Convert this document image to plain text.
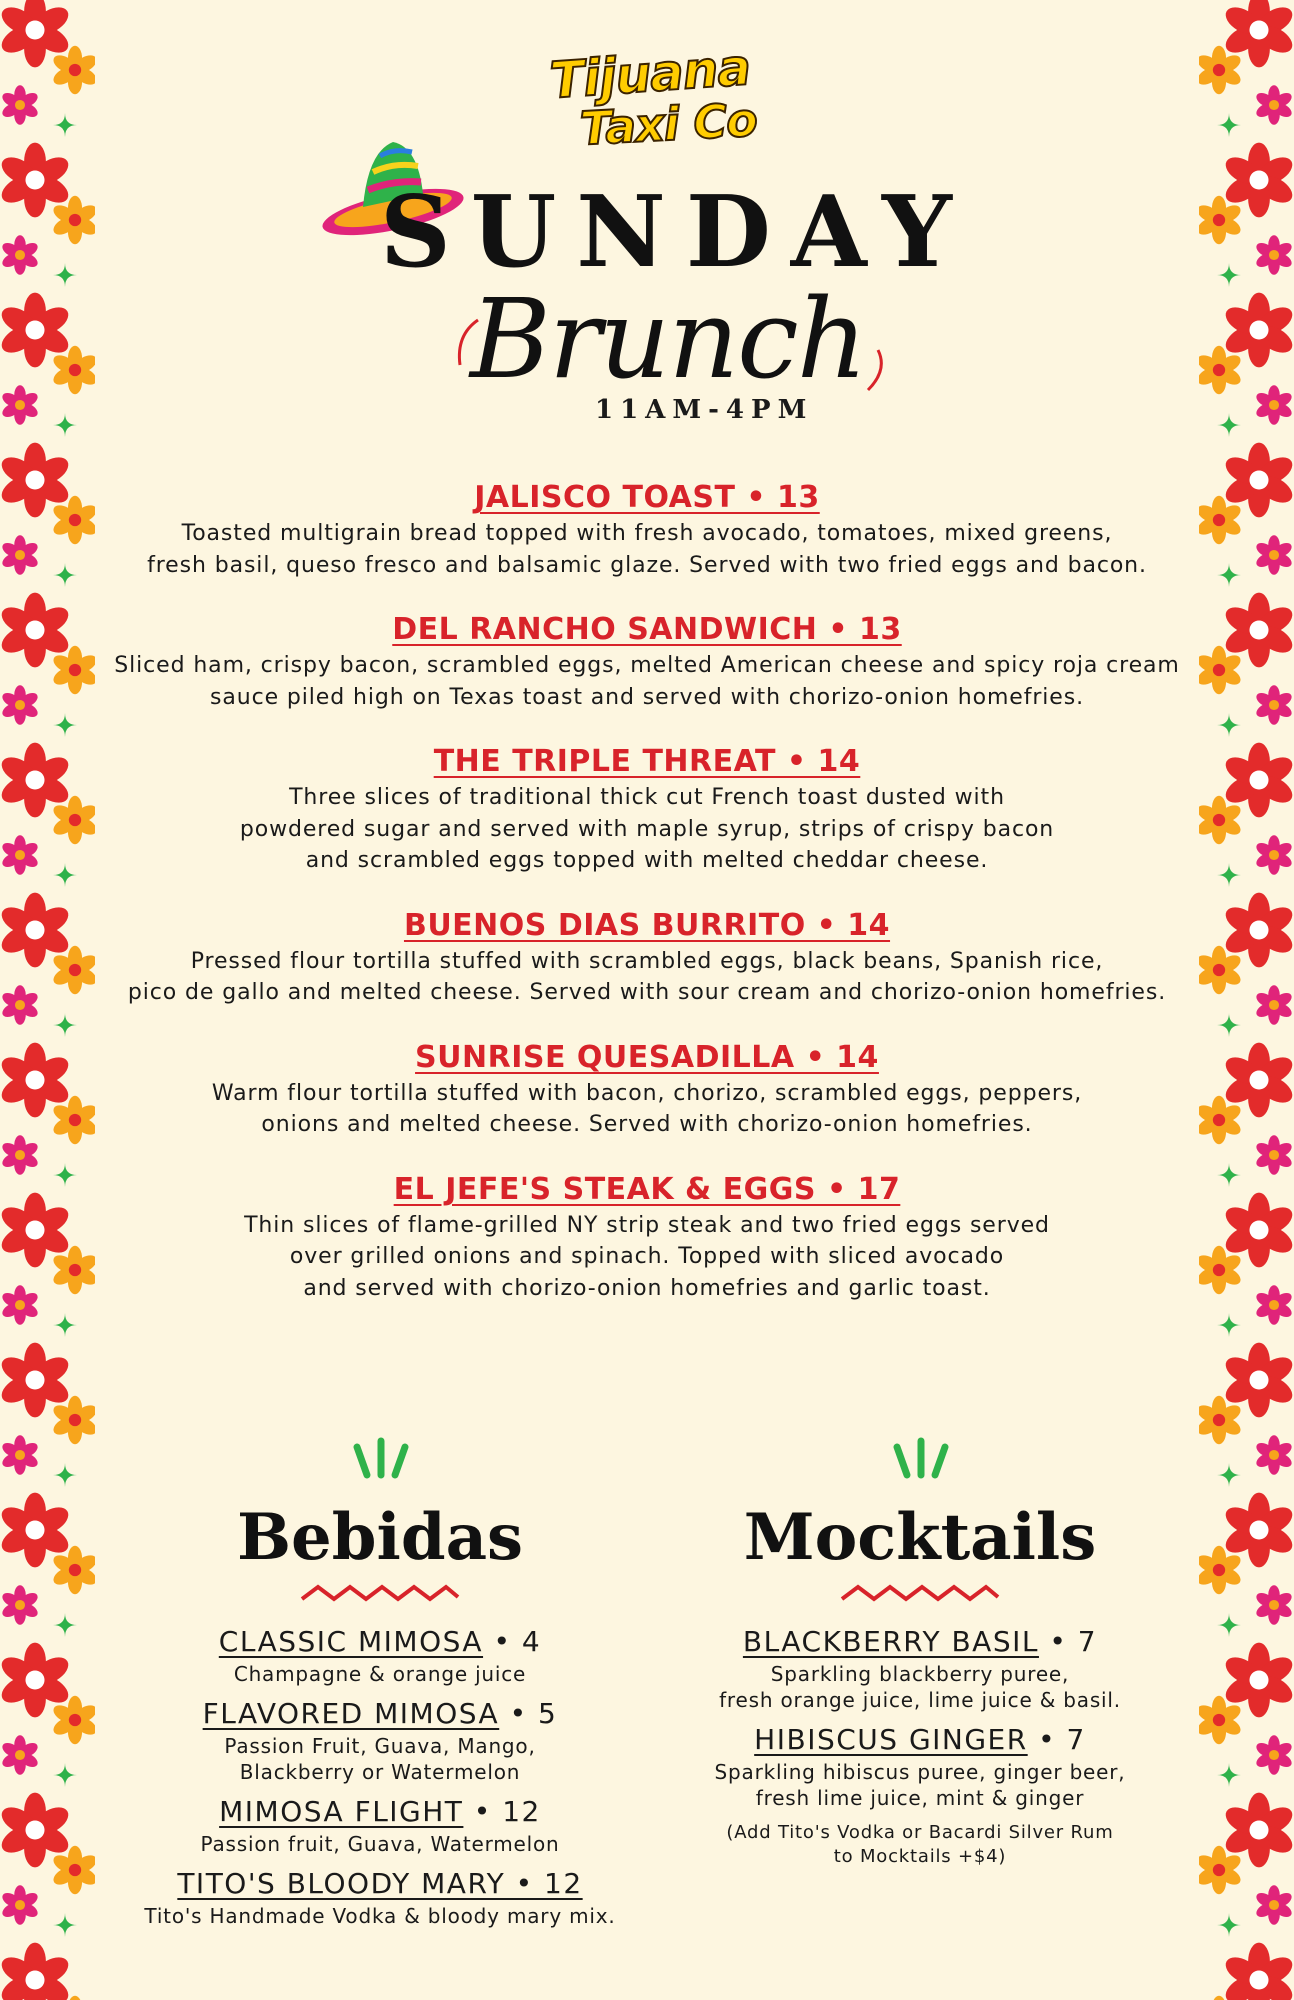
Tijuana
Taxi Co
SUNDAY
Brunch
11AM-4PM
JALISCO TOAST • 13
Toasted multigrain bread topped with fresh avocado, tomatoes, mixed greens,
fresh basil, queso fresco and balsamic glaze. Served with two fried eggs and bacon.
DEL RANCHO SANDWICH • 13
Sliced ham, crispy bacon, scrambled eggs, melted American cheese and spicy roja cream
sauce piled high on Texas toast and served with chorizo-onion homefries.
THE TRIPLE THREAT • 14
Three slices of traditional thick cut French toast dusted with
powdered sugar and served with maple syrup, strips of crispy bacon
and scrambled eggs topped with melted cheddar cheese.
BUENOS DIAS BURRITO • 14
Pressed flour tortilla stuffed with scrambled eggs, black beans, Spanish rice,
pico de gallo and melted cheese. Served with sour cream and chorizo-onion homefries.
SUNRISE QUESADILLA • 14
Warm flour tortilla stuffed with bacon, chorizo, scrambled eggs, peppers,
onions and melted cheese. Served with chorizo-onion homefries.
EL JEFE'S STEAK & EGGS • 17
Thin slices of flame-grilled NY strip steak and two fried eggs served
over grilled onions and spinach. Topped with sliced avocado
and served with chorizo-onion homefries and garlic toast.
Bebidas
CLASSIC MIMOSA • 4
Champagne & orange juice
FLAVORED MIMOSA • 5
Passion Fruit, Guava, Mango,
Blackberry or Watermelon
MIMOSA FLIGHT • 12
Passion fruit, Guava, Watermelon
TITO'S BLOODY MARY • 12
Tito's Handmade Vodka & bloody mary mix.
Mocktails
BLACKBERRY BASIL • 7
Sparkling blackberry puree,
fresh orange juice, lime juice & basil.
HIBISCUS GINGER • 7
Sparkling hibiscus puree, ginger beer,
fresh lime juice, mint & ginger
(Add Tito's Vodka or Bacardi Silver Rum
to Mocktails +$4)
